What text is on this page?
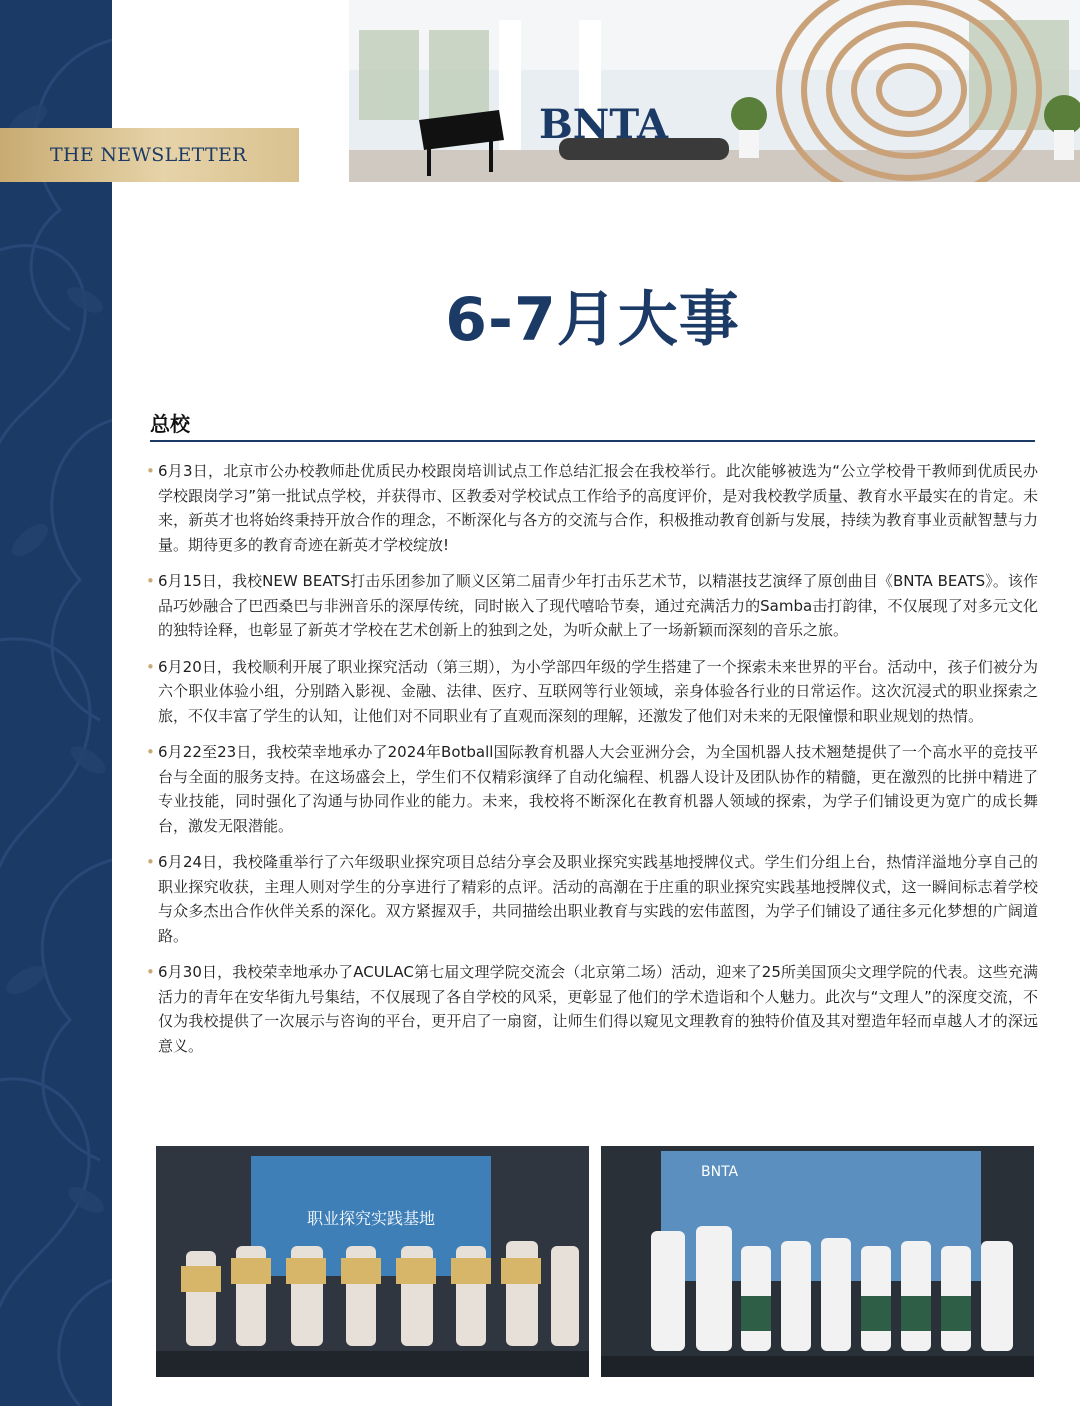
THE NEWSLETTER
BNTA
6-7月大事
总校
• 6月3日，北京市公办校教师赴优质民办校跟岗培训试点工作总结汇报会在我校举行。此次能够被选为“公立学校骨干教师到优质民办学校跟岗学习”第一批试点学校，并获得市、区教委对学校试点工作给予的高度评价，是对我校教学质量、教育水平最实在的肯定。未来，新英才也将始终秉持开放合作的理念，不断深化与各方的交流与合作，积极推动教育创新与发展，持续为教育事业贡献智慧与力量。期待更多的教育奇迹在新英才学校绽放!
• 6月15日，我校NEW BEATS打击乐团参加了顺义区第二届青少年打击乐艺术节，以精湛技艺演绎了原创曲目《BNTA BEATS》。该作品巧妙融合了巴西桑巴与非洲音乐的深厚传统，同时嵌入了现代嘻哈节奏，通过充满活力的Samba击打韵律，不仅展现了对多元文化的独特诠释，也彰显了新英才学校在艺术创新上的独到之处，为听众献上了一场新颖而深刻的音乐之旅。
• 6月20日，我校顺利开展了职业探究活动（第三期），为小学部四年级的学生搭建了一个探索未来世界的平台。活动中，孩子们被分为六个职业体验小组，分别踏入影视、金融、法律、医疗、互联网等行业领域，亲身体验各行业的日常运作。这次沉浸式的职业探索之旅，不仅丰富了学生的认知，让他们对不同职业有了直观而深刻的理解，还激发了他们对未来的无限憧憬和职业规划的热情。
• 6月22至23日，我校荣幸地承办了2024年Botball国际教育机器人大会亚洲分会，为全国机器人技术翘楚提供了一个高水平的竞技平台与全面的服务支持。在这场盛会上，学生们不仅精彩演绎了自动化编程、机器人设计及团队协作的精髓，更在激烈的比拼中精进了专业技能，同时强化了沟通与协同作业的能力。未来，我校将不断深化在教育机器人领域的探索，为学子们铺设更为宽广的成长舞台，激发无限潜能。
• 6月24日，我校隆重举行了六年级职业探究项目总结分享会及职业探究实践基地授牌仪式。学生们分组上台，热情洋溢地分享自己的职业探究收获，主理人则对学生的分享进行了精彩的点评。活动的高潮在于庄重的职业探究实践基地授牌仪式，这一瞬间标志着学校与众多杰出合作伙伴关系的深化。双方紧握双手，共同描绘出职业教育与实践的宏伟蓝图，为学子们铺设了通往多元化梦想的广阔道路。
• 6月30日，我校荣幸地承办了ACULAC第七届文理学院交流会（北京第二场）活动，迎来了25所美国顶尖文理学院的代表。这些充满活力的青年在安华街九号集结，不仅展现了各自学校的风采，更彰显了他们的学术造诣和个人魅力。此次与“文理人”的深度交流，不仅为我校提供了一次展示与咨询的平台，更开启了一扇窗，让师生们得以窥见文理教育的独特价值及其对塑造年轻而卓越人才的深远意义。
职业探究实践基地
BNTA
